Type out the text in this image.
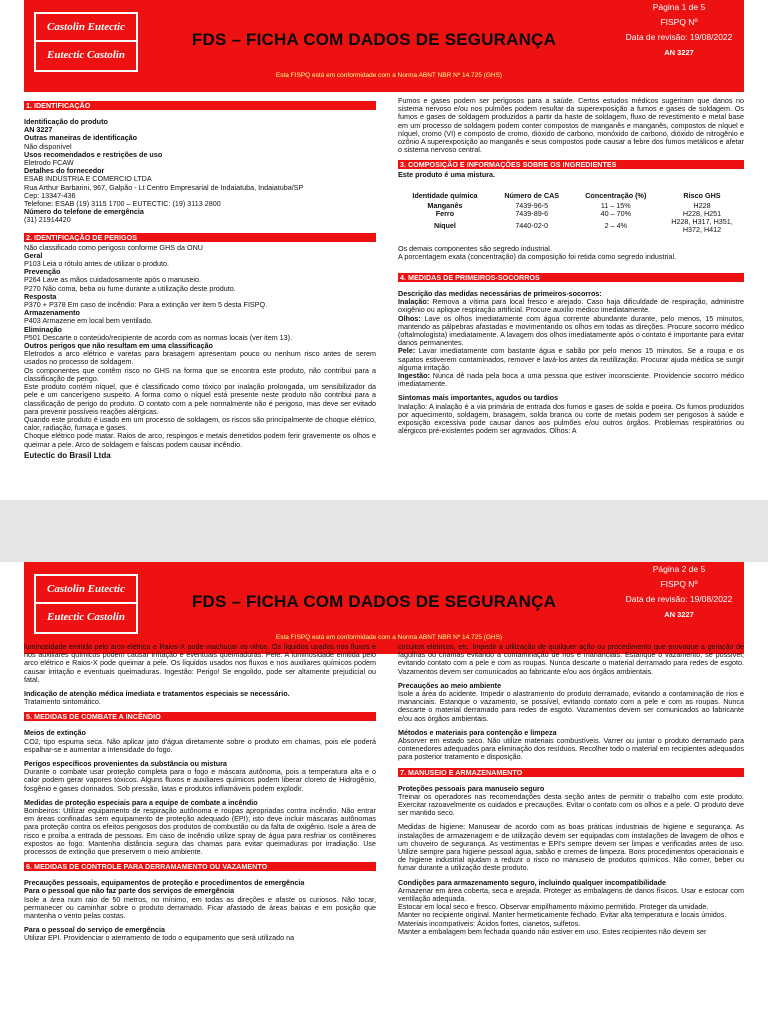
Castolin Eutectic
Eutectic Castolin
FDS – FICHA COM DADOS DE SEGURANÇA
Esta FISPQ está em conformidade com a Norma ABNT NBR Nº 14.725 (GHS)
Página 1 de 5
FISPQ Nº
Data de revisão: 19/08/2022
AN 3227
1. IDENTIFICAÇÃO
Identificação do produto
AN 3227
Outras maneiras de identificação
Não disponível
Usos recomendados e restrições de uso
Eletrodo FCAW
Detalhes do fornecedor
ESAB INDUSTRIA E COMERCIO LTDA
Rua Arthur Barbarini, 967, Galpão - Lt Centro Empresarial de Indaiatuba, Indaiatuba/SP
Cep: 13347-436
Telefone: ESAB (19) 3115 1700 – EUTECTIC: (19) 3113 2800
Número do telefone de emergência
(31) 21914420
2. IDENTIFICAÇÃO DE PERIGOS
Não classificado como perigoso conforme GHS da ONU
Geral
P103 Leia o rótulo antes de utilizar o produto.
Prevenção
P264 Lave as mãos cuidadosamente após o manuseio.
P270 Não coma, beba ou fume durante a utilização deste produto.
Resposta
P370 + P378 Em caso de incêndio: Para a extinção ver item 5 desta FISPQ.
Armazenamento
P403 Armazene em local bem ventilado.
Eliminação
P501 Descarte o conteúdo/recipiente de acordo com as normas locais (ver item 13).
Outros perigos que não resultam em uma classificação
Eletrodos a arco elétrico e varetas para brasagem apresentam pouco ou nenhum risco antes de serem usados no processo de soldagem.
Os componentes que contêm risco no GHS na forma que se encontra este produto, não contribui para a classificação de perigo.
Este produto contém níquel, que é classificado como tóxico por inalação prolongada, um sensibilizador da pele e um cancerígeno suspeito. A forma como o níquel está presente neste produto não contribui para a classificação de perigo do produto. O contato com a pele normalmente não é perigoso, mas deve ser evitado para prevenir possíveis reações alérgicas.
Quando este produto é usado em um processo de soldagem, os riscos são principalmente de choque elétrico, calor, radiação, fumaça e gases.
Choque elétrico pode matar. Raios de arco, respingos e metais derretidos podem ferir gravemente os olhos e queimar a pele. Arco de soldagem e faíscas podem causar incêndio.
Eutectic do Brasil Ltda

Fumos e gases podem ser perigosos para a saúde. Certos estudos médicos sugeriram que danos no sistema nervoso e/ou nos pulmões podem resultar da superexposição a fumos e gases de soldagem. Os fumos e gases de soldagem produzidos a partir da haste de soldagem, fluxo de revestimento e metal base em um processo de soldagem podem conter compostos de manganês e manganês, compostos de níquel e níquel, cromo (VI) e composto de cromo, dióxido de carbono, monóxido de carbono, dióxido de nitrogênio e ozônio A superexposição ao manganês e seus compostos pode causar a febre dos fumos metálicos e afetar o sistema nervoso central.

3. COMPOSIÇÃO E INFORMAÇÕES SOBRE OS INGREDIENTES
Este produto é uma mistura.
Identidade química	Número de CAS	Concentração (%)	Risco GHS
Manganês	7439-96-5	11 – 15%	H228
Ferro	7439-89-6	40 – 70%	H228, H251
Níquel	7440-02-0	2 – 4%	H228, H317, H351, H372, H412
Os demais componentes são segredo industrial.
A porcentagem exata (concentração) da composição foi retida como segredo industrial.
4. MEDIDAS DE PRIMEIROS-SOCORROS
Descrição das medidas necessárias de primeiros-socorros:
Inalação: Remova a vítima para local fresco e arejado. Caso haja dificuldade de respiração, administre oxigênio ou aplique respiração artificial. Procure auxílio médico imediatamente.
Olhos: Lave os olhos imediatamente com água corrente abundante durante, pelo menos, 15 minutos, mantendo as pálpebras afastadas e movimentando os olhos em todas as direções. Procure socorro médico (oftalmologista) imediatamente. A lavagem dos olhos imediatamente após o contato é importante para evitar danos permanentes.
Pele: Lavar imediatamente com bastante água e sabão por pelo menos 15 minutos. Se a roupa e os sapatos estiverem contaminados, remover e lavá-los antes da reutilização. Procurar ajuda médica se surgir alguma irritação.
Ingestão: Nunca dê nada pela boca a uma pessoa que estiver inconsciente. Providencie socorro médico imediatamente.
Sintomas mais importantes, agudos ou tardios

Inalação: A inalação é a via primária de entrada dos fumos e gases de solda e poeira. Os fumos produzidos por aquecimento, soldagem, brasagem, solda branca ou corte de metais podem ser perigosos à saúde e exposição excessiva pode causar danos aos pulmões e/ou outros órgãos. Problemas respiratórios ou alérgicos pré-existentes podem ser agravados. Olhos: A

Castolin Eutectic
Eutectic Castolin
FDS – FICHA COM DADOS DE SEGURANÇA
Esta FISPQ está em conformidade com a Norma ABNT NBR Nº 14.725 (GHS)
Página 2 de 5
FISPQ Nº
Data de revisão: 19/08/2022
AN 3227

luminosidade emitida pelo arco elétrico e Raios-X pode machucar os olhos. Os líquidos usados nos fluxos e nos auxiliares químicos podem causar irritação e eventuais queimaduras. Pele: A luminosidade emitida pelo arco elétrico e Raios-X pode queimar a pele. Os líquidos usados nos fluxos e nos auxiliares químicos podem causar irritação e eventuais queimaduras. Ingestão: Perigo! Se engolido, pode ser altamente prejudicial ou fatal.

Indicação de atenção médica imediata e tratamentos especiais se necessário.
Tratamento sintomático.
5. MEDIDAS DE COMBATE A INCÊNDIO
Meios de extinção

CO2, tipo espuma seca. Não aplicar jato d'água diretamente sobre o produto em chamas, pois ele poderá espalhar-se e aumentar a intensidade do fogo.

Perigos específicos provenientes da substância ou mistura

Durante o combate usar proteção completa para o fogo e máscara autônoma, pois a temperatura alta e o calor podem gerar vapores tóxicos. Alguns fluxos e auxiliares químicos podem liberar cloreto de Hidrogênio, fosgênio e gases clorinados. Sob pressão, latas e produtos inflamáveis podem explodir.

Medidas de proteção especiais para a equipe de combate a incêndio

Bombeiros: Utilizar equipamento de respiração autônoma e roupas apropriadas contra incêndio. Não entrar em áreas confinadas sem equipamento de proteção adequado (EPI); isto deve incluir máscaras autônomas para proteção contra os efeitos perigosos dos produtos de combustão ou da falta de oxigênio. Isole a área de risco e proíba a entrada de pessoas. Em caso de incêndio utilize spray de água para resfriar os contêineres expostos ao fogo. Mantenha distância segura das chamas para evitar queimaduras por irradiação. Use processos de extinção que preservem o meio ambiente.

6. MEDIDAS DE CONTROLE PARA DERRAMAMENTO OU VAZAMENTO
Precauções pessoais, equipamentos de proteção e procedimentos de emergência
Para o pessoal que não faz parte dos serviços de emergência

Isole a área num raio de 50 metros, no mínimo, em todas as direções e afaste os curiosos. Não tocar, permanecer ou caminhar sobre o produto derramado. Ficar afastado de áreas baixas e em posição que mantenha o vento pelas costas.

Para o pessoal do serviço de emergência

Utilizar EPI. Providenciar o aterramento de todo o equipamento que será utilizado na

circuitos elétricos, etc. Impedir a utilização de qualquer ação ou procedimento que provoque a geração de fagulhas ou chamas evitando a contaminação de rios e mananciais. Estanque o vazamento, se possível, evitando contato com a pele e com as roupas. Nunca descarte o material derramado para redes de esgoto. Vazamentos devem ser comunicados ao fabricante e/ou aos órgãos ambientais.

Precauções ao meio ambiente

Isole a área do acidente. Impedir o alastramento do produto derramado, evitando a contaminação de rios e mananciais. Estanque o vazamento, se possível, evitando contato com a pele e com as roupas. Nunca descarte o material derramado para redes de esgoto. Vazamentos devem ser comunicados ao fabricante e/ou aos órgãos ambientais.

Métodos e materiais para contenção e limpeza

Absorver em estado seco. Não utilize materiais combustíveis. Varrer ou juntar o produto derramado para contenedores adequados para eliminação dos resíduos. Recolher todo o material em recipientes adequados para posterior tratamento e disposição.

7. MANUSEIO E ARMAZENAMENTO
Proteções pessoais para manuseio seguro

Treinar os operadores nas recomendações desta seção antes de permitir o trabalho com este produto. Exercitar razoavelmente os cuidados e precauções. Evitar o contato com os olhos e a pele. O produto deve ser mantido seco.

Medidas de higiene: Manusear de acordo com as boas práticas industriais de higiene e segurança. As instalações de armazenagem e de utilização devem ser equipadas com instalações de lavagem de olhos e um chuveiro de segurança. As vestimentas e EPI's sempre devem ser limpas e verificadas antes de uso. Utilize sempre para higiene pessoal água, sabão e cremes de limpeza. Bons procedimentos operacionais e de higiene industrial ajudam a reduzir o risco no manuseio de produtos químicos. Não comer, beber ou fumar durante a utilização deste produto.

Condições para armazenamento seguro, incluindo qualquer incompatibilidade
Armazenar em área coberta, seca e arejada. Proteger as embalagens de danos físicos. Usar e estocar com ventilação adequada.
Estocar em local seco e fresco. Observar empilhamento máximo permitido. Proteger da umidade.
Manter no recipiente original. Manter hermeticamente fechado. Evitar alta temperatura e locais úmidos.
Materiais incompatíveis: Ácidos fortes, cianetos, sulfetos.
Manter a embalagem bem fechada quando não estiver em uso. Estes recipientes não devem ser
